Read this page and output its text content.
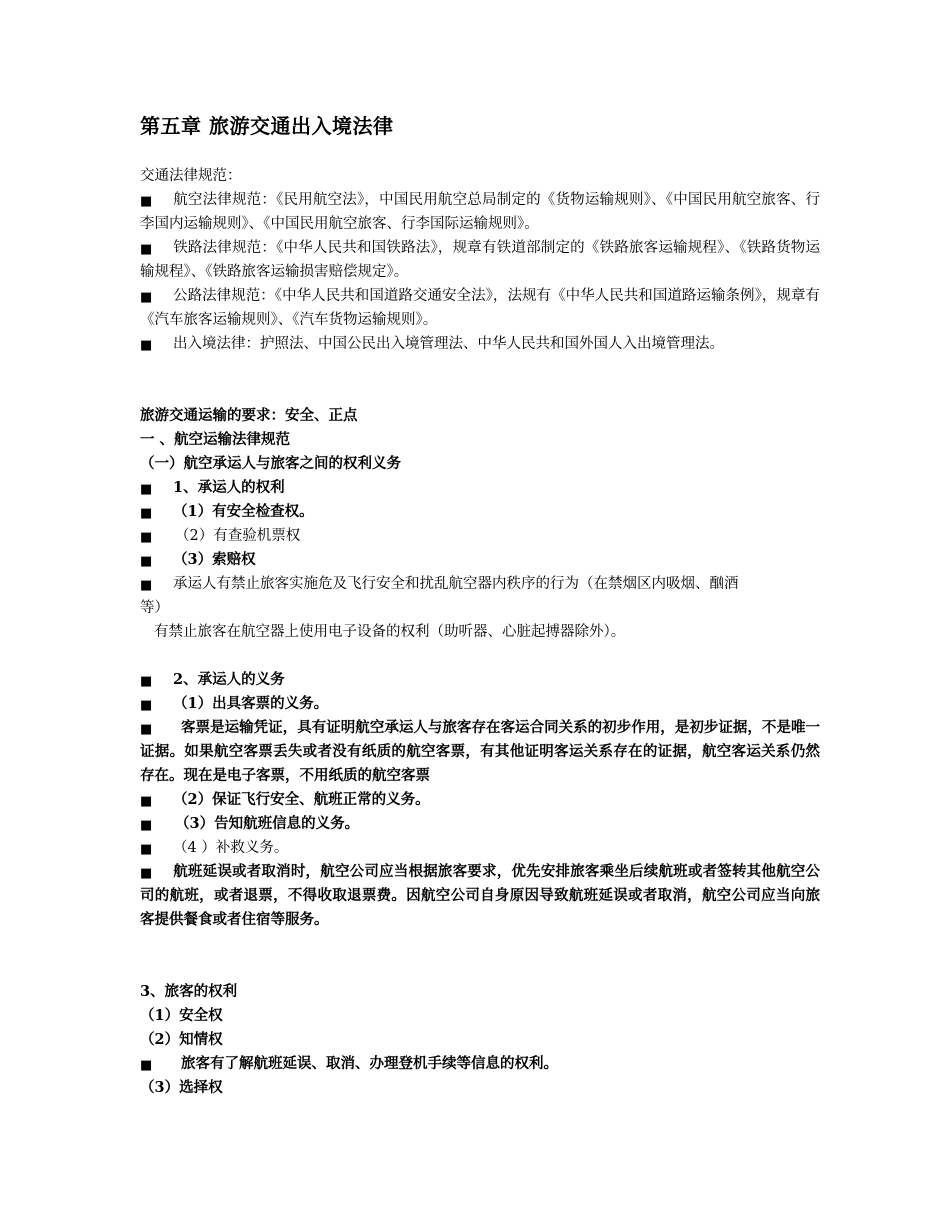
第五章 旅游交通出入境法律

交通法律规范：

■航空法律规范：《民用航空法》，中国民用航空总局制定的《货物运输规则》、《中国民用航空旅客、行李国内运输规则》、《中国民用航空旅客、行李国际运输规则》。

■铁路法律规范：《中华人民共和国铁路法》，规章有铁道部制定的《铁路旅客运输规程》、《铁路货物运输规程》、《铁路旅客运输损害赔偿规定》。

■公路法律规范：《中华人民共和国道路交通安全法》，法规有《中华人民共和国道路运输条例》，规章有《汽车旅客运输规则》、《汽车货物运输规则》。

■出入境法律：护照法、中国公民出入境管理法、中华人民共和国外国人入出境管理法。

旅游交通运输的要求：安全、正点

一 、航空运输法律规范

（一）航空承运人与旅客之间的权利义务

■1、承运人的权利

■（1）有安全检查权。

■（2）有查验机票权

■（3）索赔权

■承运人有禁止旅客实施危及飞行安全和扰乱航空器内秩序的行为（在禁烟区内吸烟、酗酒

等）

有禁止旅客在航空器上使用电子设备的权利（助听器、心脏起搏器除外）。

■2、承运人的义务

■（1）出具客票的义务。

■客票是运输凭证，具有证明航空承运人与旅客存在客运合同关系的初步作用，是初步证据，不是唯一证据。如果航空客票丢失或者没有纸质的航空客票，有其他证明客运关系存在的证据，航空客运关系仍然存在。现在是电子客票，不用纸质的航空客票

■（2）保证飞行安全、航班正常的义务。

■（3）告知航班信息的义务。

■（4 ）补救义务。

■航班延误或者取消时，航空公司应当根据旅客要求，优先安排旅客乘坐后续航班或者签转其他航空公司的航班，或者退票，不得收取退票费。因航空公司自身原因导致航班延误或者取消，航空公司应当向旅客提供餐食或者住宿等服务。

3、旅客的权利

（1）安全权

（2）知情权

■旅客有了解航班延误、取消、办理登机手续等信息的权利。

（3）选择权
